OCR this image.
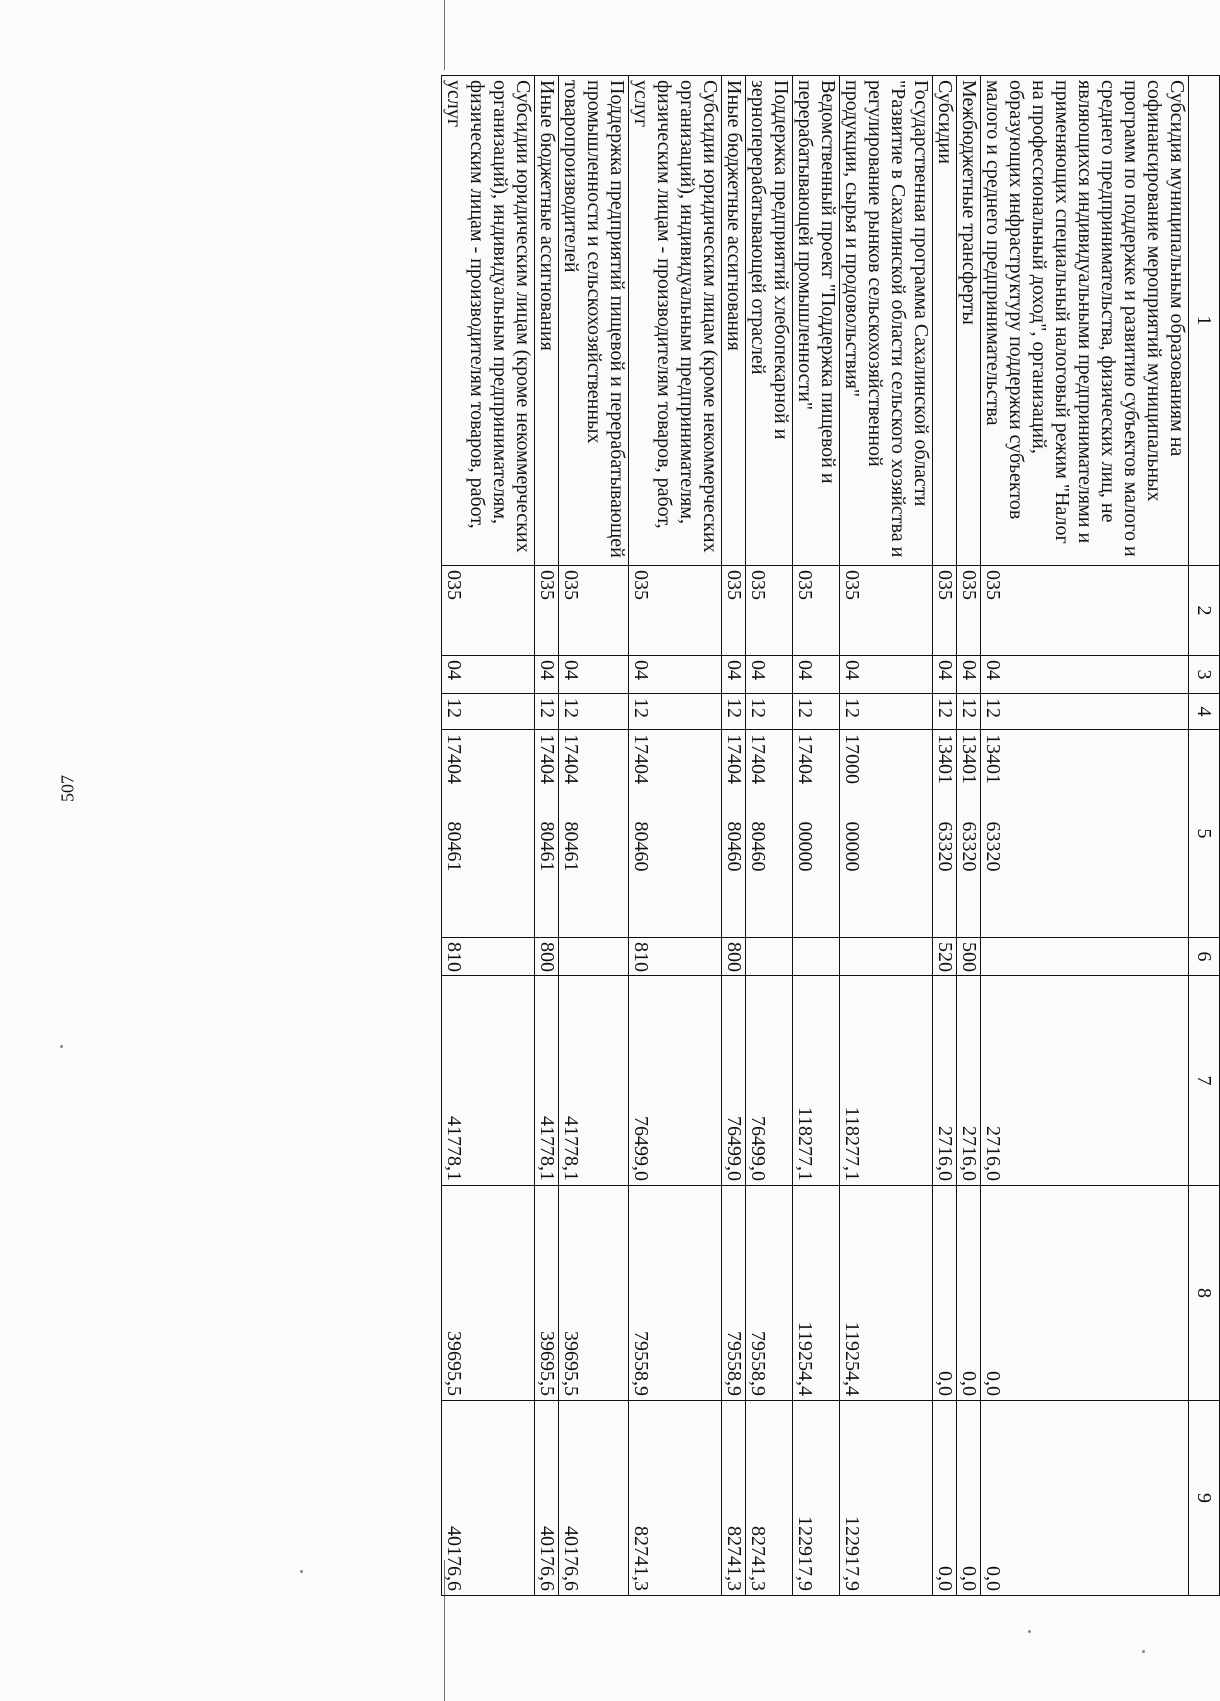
507
1	2	3	4	5		6	7	8	9
Субсидия муниципальным образованиям на софинансирование мероприятий муниципальных программ по поддержке и развитию субъектов малого и среднего предпринимательства, физических лиц, не являющихся индивидуальными предпринимателями и применяющих специальный налоговый режим "Налог на профессиональный доход", организаций, образующих инфраструктуру поддержки субъектов малого и среднего предпринимательства	035	04	12	13401	63320		2716,0	0,0	0,0
Межбюджетные трансферты	035	04	12	13401	63320	500	2716,0	0,0	0,0
Субсидии	035	04	12	13401	63320	520	2716,0	0,0	0,0
Государственная программа Сахалинской области "Развитие в Сахалинской области сельского хозяйства и регулирование рынков сельскохозяйственной продукции, сырья и продовольствия"	035	04	12	17000	00000		118277,1	119254,4	122917,9
Ведомственный проект "Поддержка пищевой и перерабатывающей промышленности"	035	04	12	17404	00000		118277,1	119254,4	122917,9
Поддержка предприятий хлебопекарной и зерноперерабатывающей отраслей	035	04	12	17404	80460		76499,0	79558,9	82741,3
Иные бюджетные ассигнования	035	04	12	17404	80460	800	76499,0	79558,9	82741,3
Субсидии юридическим лицам (кроме некоммерческих организаций), индивидуальным предпринимателям, физическим лицам - производителям товаров, работ, услуг	035	04	12	17404	80460	810	76499,0	79558,9	82741,3
Поддержка предприятий пищевой и перерабатывающей промышленности и сельскохозяйственных товаропроизводителей	035	04	12	17404	80461		41778,1	39695,5	40176,6
Иные бюджетные ассигнования	035	04	12	17404	80461	800	41778,1	39695,5	40176,6
Субсидии юридическим лицам (кроме некоммерческих организаций), индивидуальным предпринимателям, физическим лицам - производителям товаров, работ, услуг	035	04	12	17404	80461	810	41778,1	39695,5	40176,6
